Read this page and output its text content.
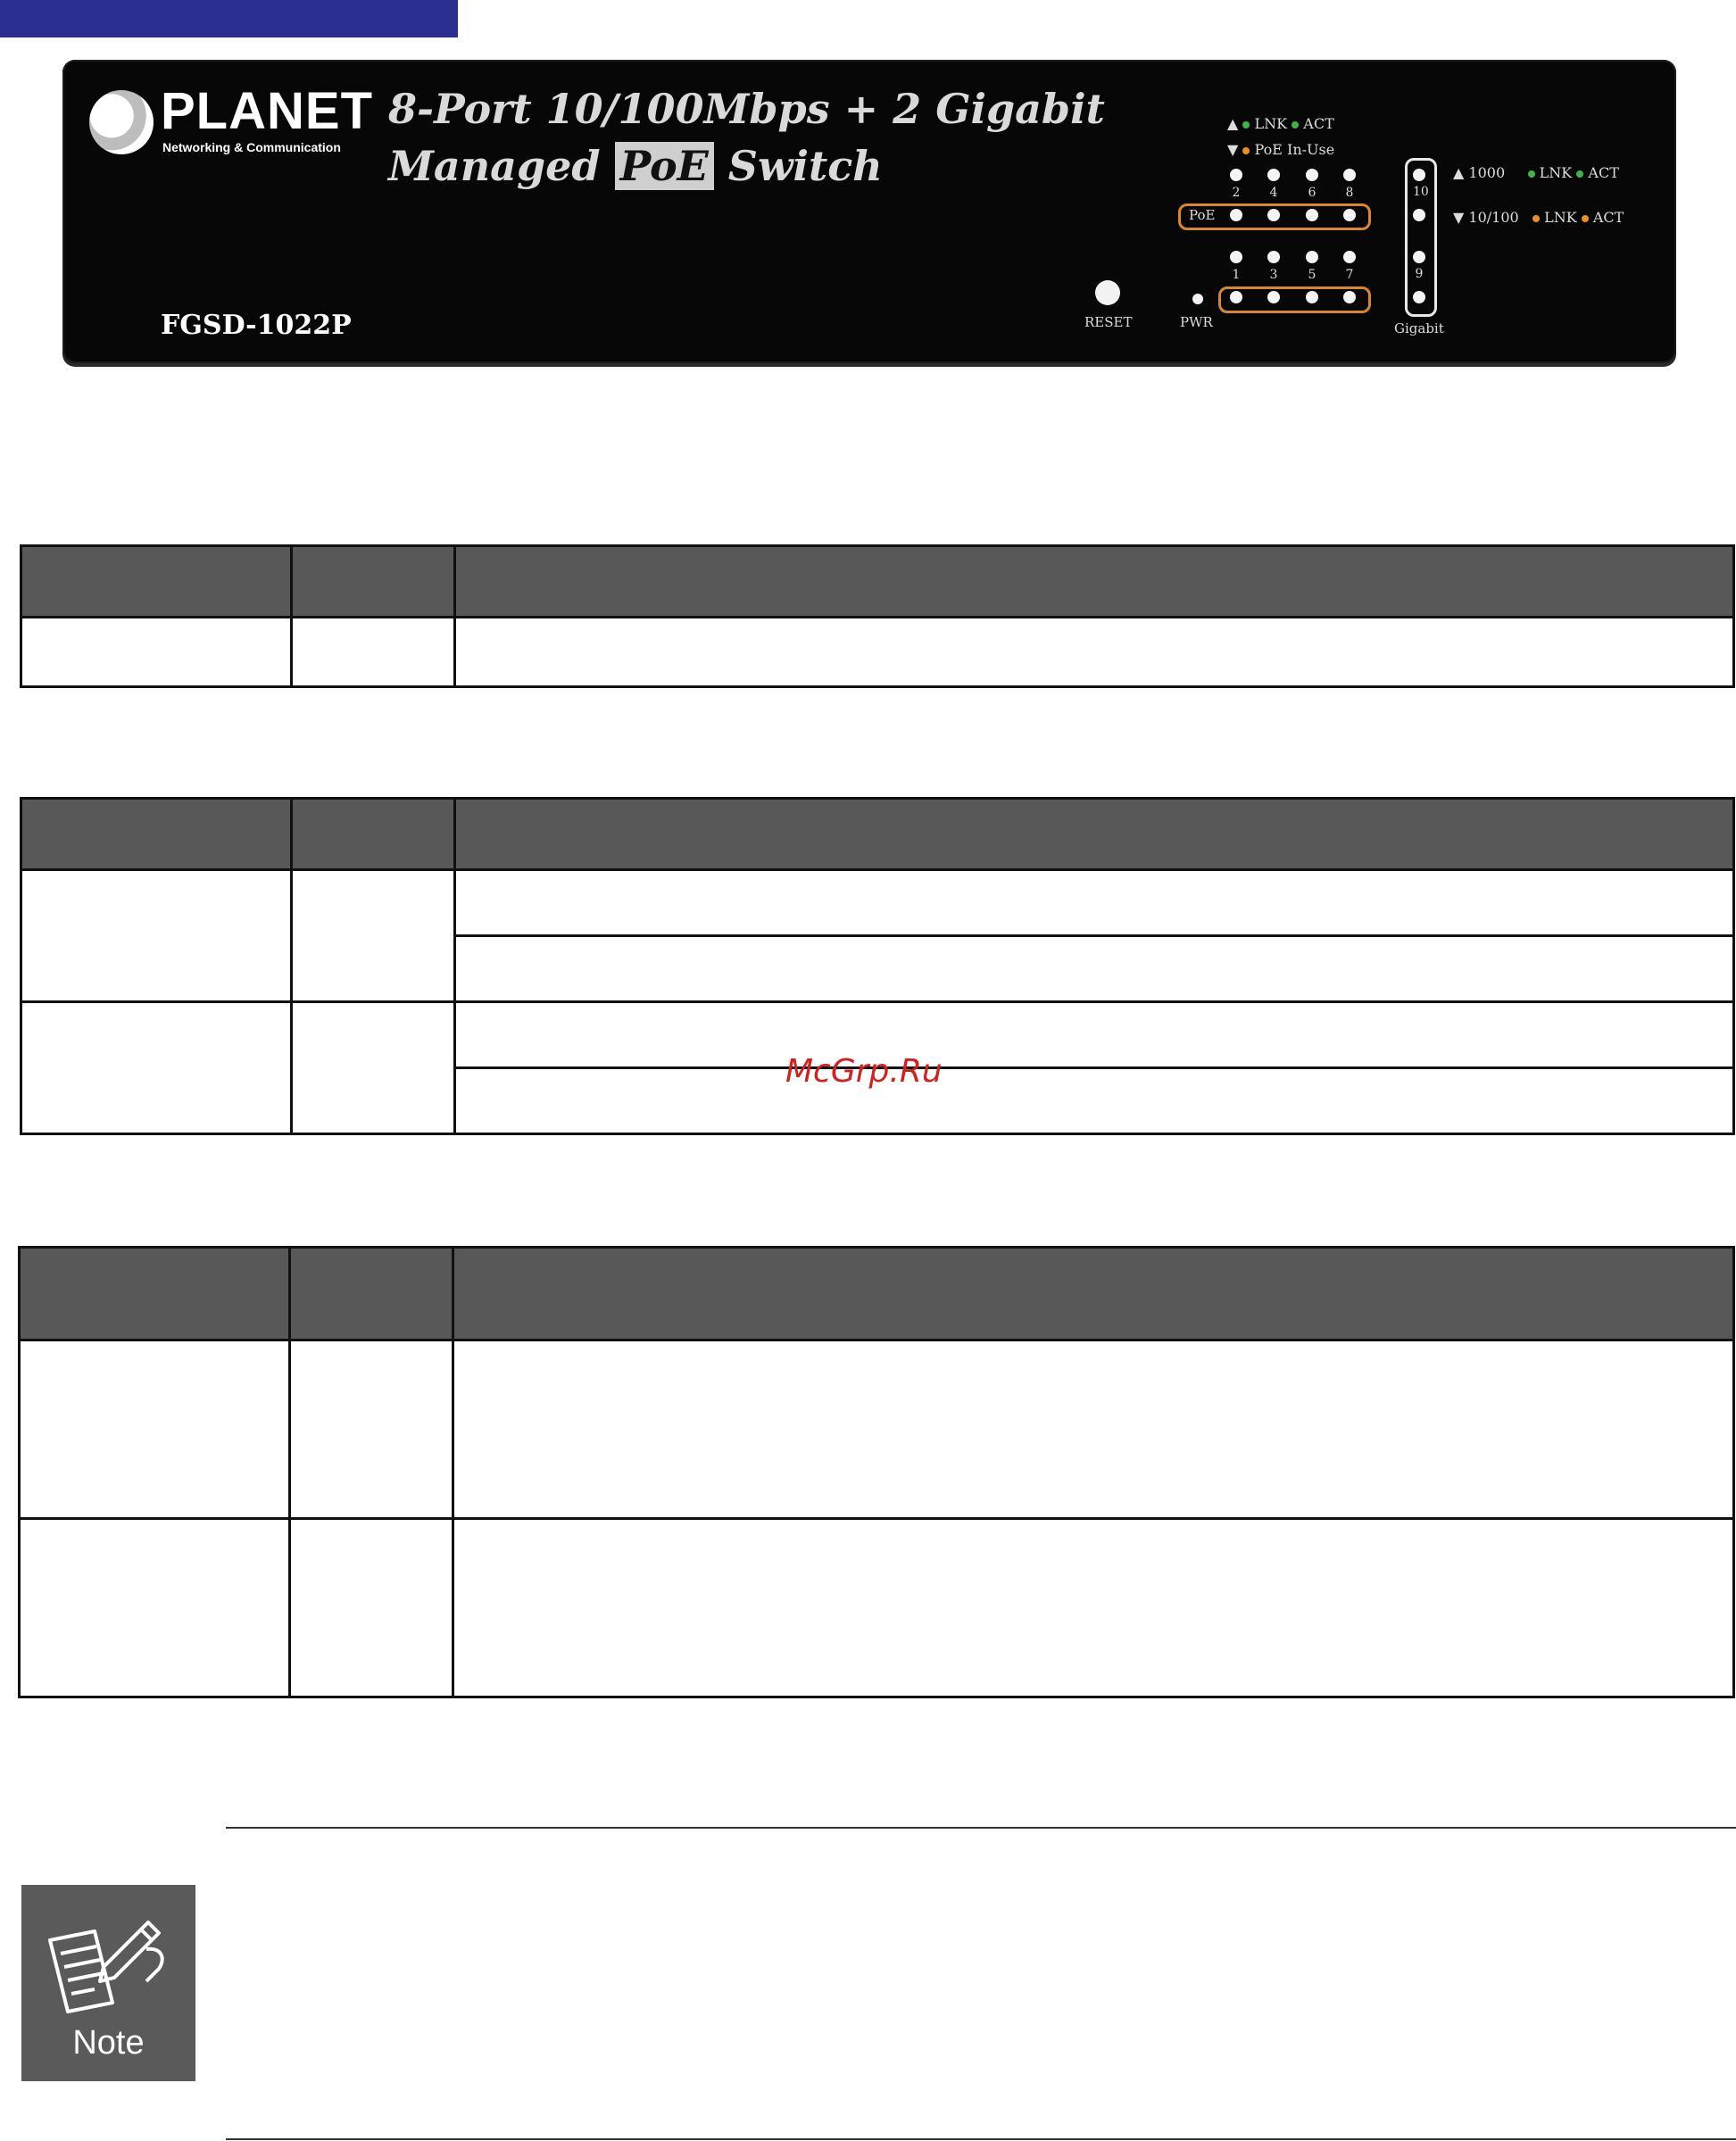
PLANET
Networking & Communication
8-Port 10/100Mbps + 2 Gigabit
Managed PoE Switch
FGSD-1022P	RESET	PWR
▲ LNK ACT
▼ PoE In-Use
2 4 6 8
PoE
1 3 5 7
10
9
Gigabit
▲ 1000 LNK ACT
▼ 10/100 LNK ACT

McGrp.Ru

Note
